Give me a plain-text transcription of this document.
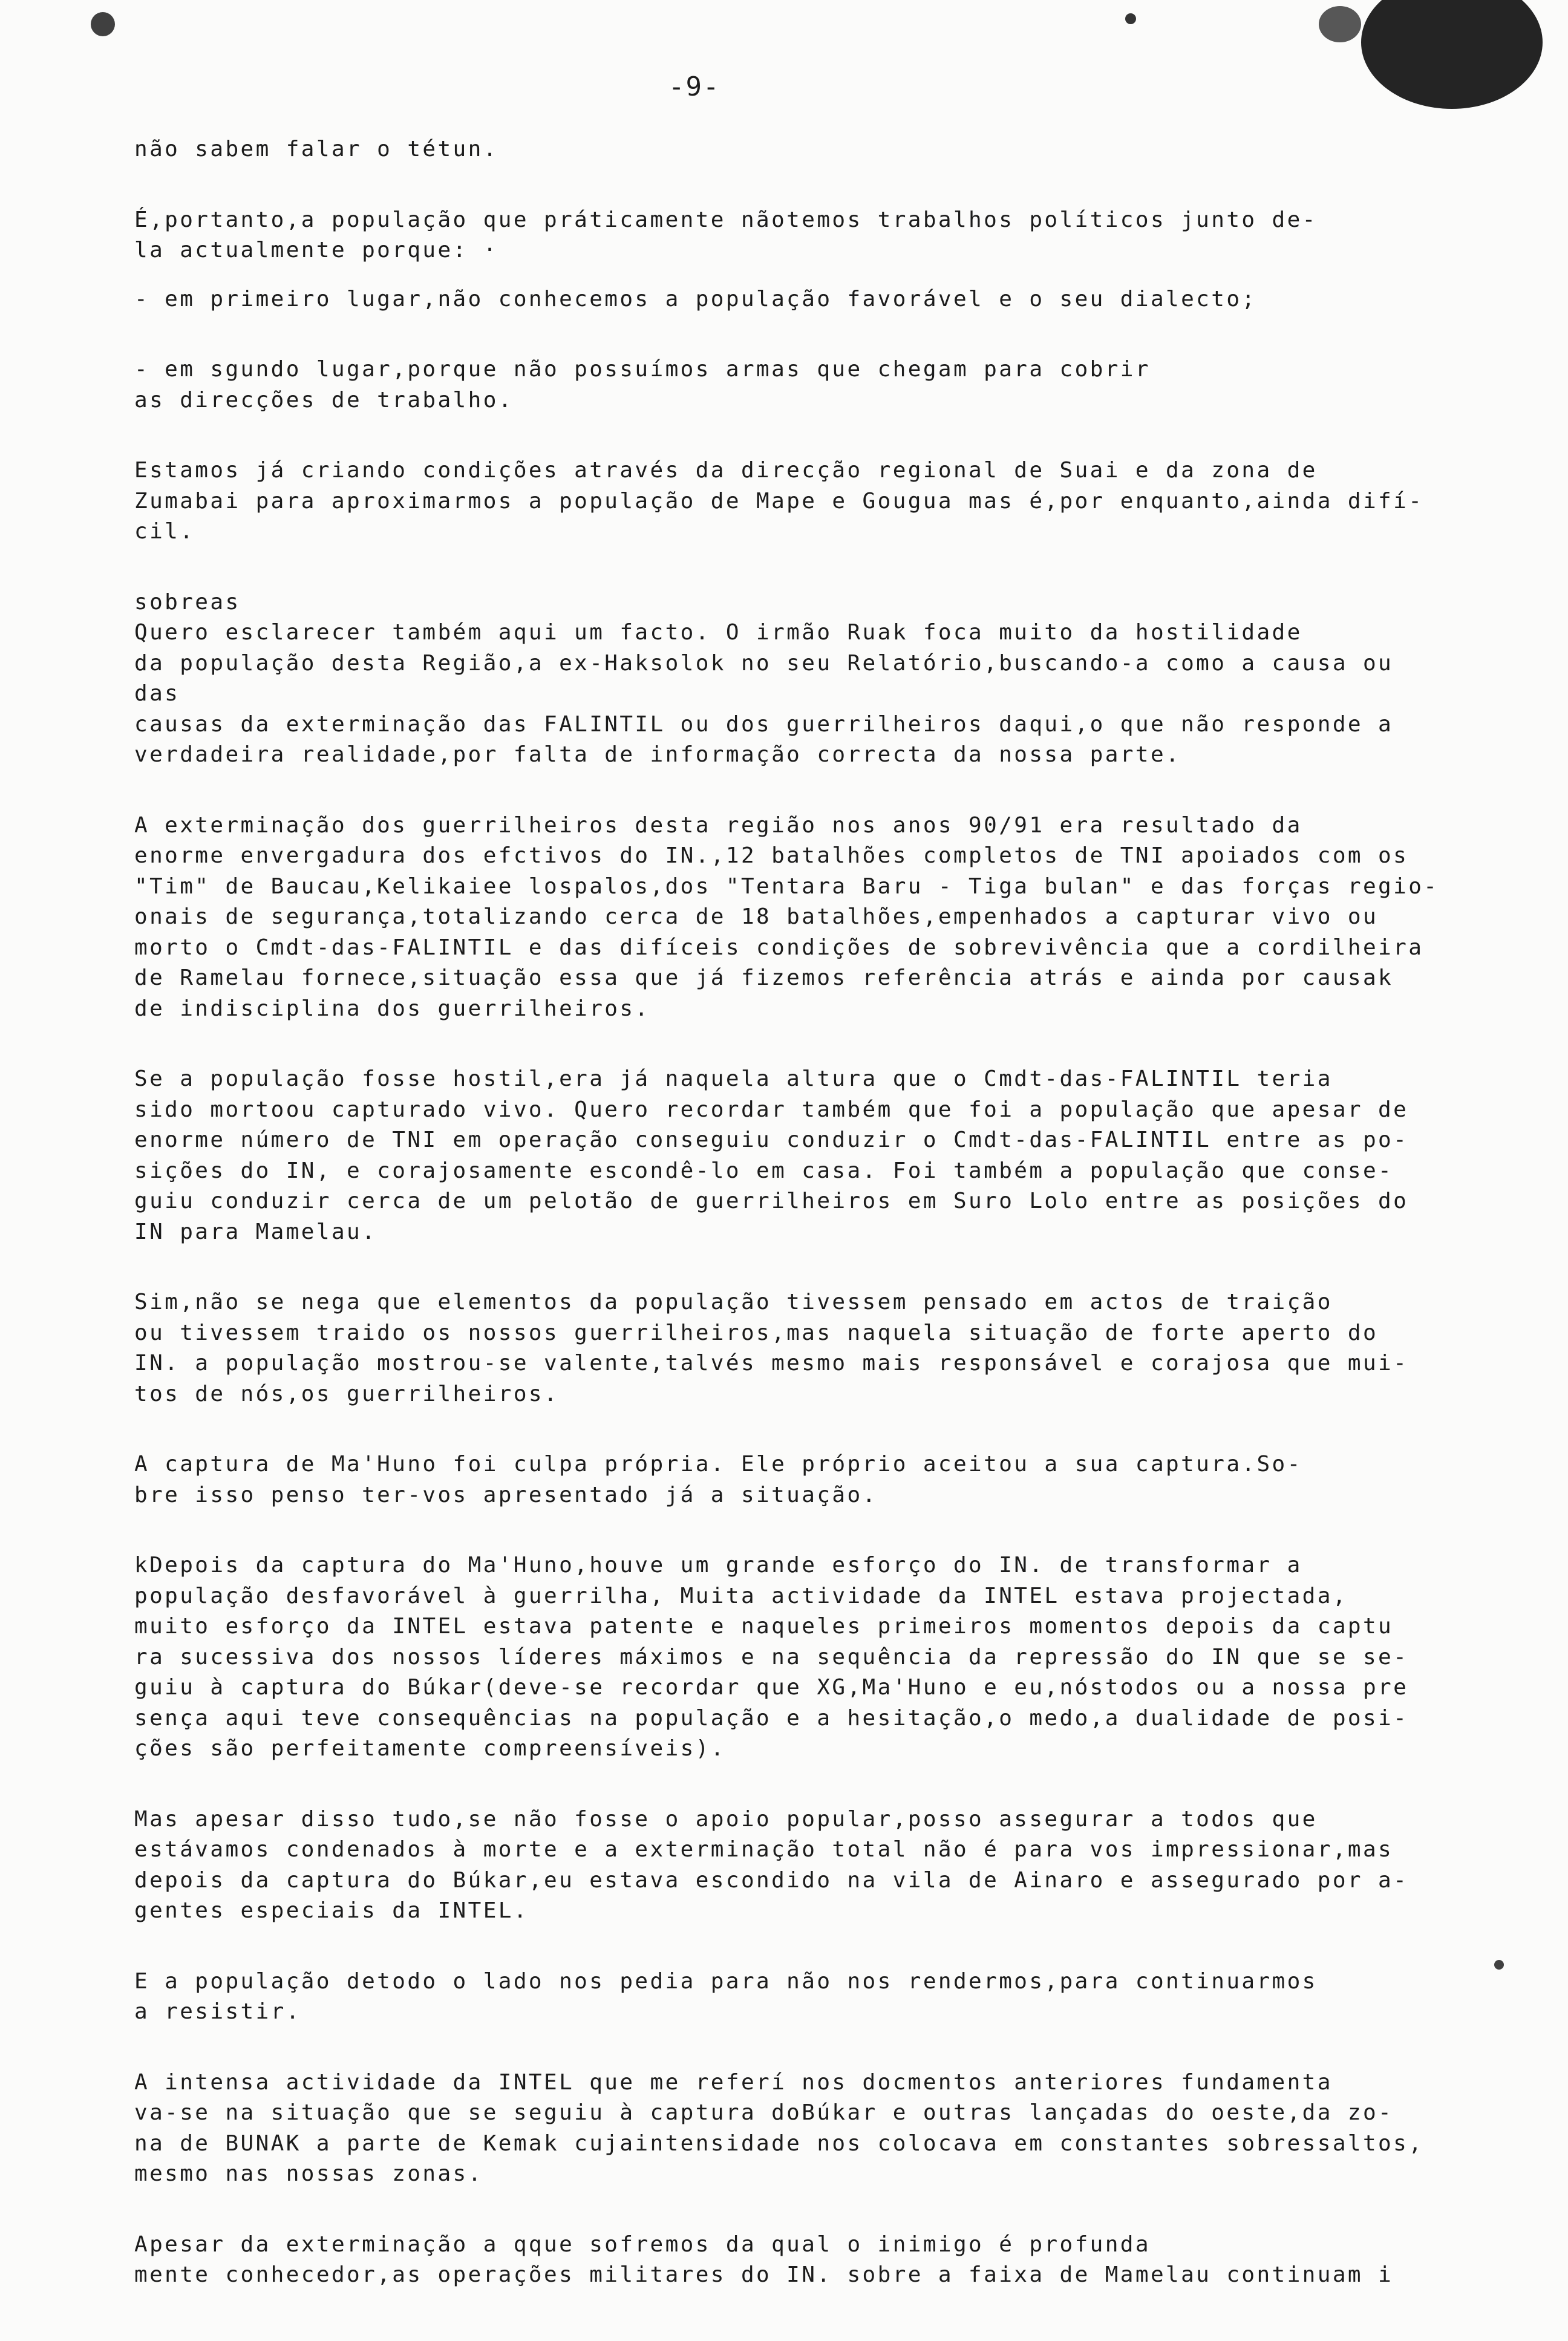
-9-

não sabem falar o tétun.

É,portanto,a população que práticamente nãotemos trabalhos políticos junto de-
la actualmente porque: ·

- em primeiro lugar,não conhecemos a população favorável e o seu dialecto;

- em sgundo lugar,porque não possuímos armas que chegam para cobrir
as direcções de trabalho.

Estamos já criando condições através da direcção regional de Suai e da zona de
Zumabai para aproximarmos a população de Mape e Gougua mas é,por enquanto,ainda difí-
cil.

sobreas
Quero esclarecer também aqui um facto. O irmão Ruak foca muito da hostilidade
da população desta Região,a ex-Haksolok no seu Relatório,buscando-a como a causa ou das
causas da exterminação das FALINTIL ou dos guerrilheiros daqui,o que não responde a
verdadeira realidade,por falta de informação correcta da nossa parte.

A exterminação dos guerrilheiros desta região nos anos 90/91 era resultado da
enorme envergadura dos efctivos do IN.,12 batalhões completos de TNI apoiados com os
"Tim" de Baucau,Kelikaiee lospalos,dos "Tentara Baru - Tiga bulan" e das forças regio-
onais de segurança,totalizando cerca de 18 batalhões,empenhados a capturar vivo ou
morto o Cmdt-das-FALINTIL e das difíceis condições de sobrevivência que a cordilheira
de Ramelau fornece,situação essa que já fizemos referência atrás e ainda por causak
de indisciplina dos guerrilheiros.

Se a população fosse hostil,era já naquela altura que o Cmdt-das-FALINTIL teria
sido mortoou capturado vivo. Quero recordar também que foi a população que apesar de
enorme número de TNI em operação conseguiu conduzir o Cmdt-das-FALINTIL entre as po-
sições do IN, e corajosamente escondê-lo em casa. Foi também a população que conse-
guiu conduzir cerca de um pelotão de guerrilheiros em Suro Lolo entre as posições do
IN para Mamelau.

Sim,não se nega que elementos da população tivessem pensado em actos de traição
ou tivessem traido os nossos guerrilheiros,mas naquela situação de forte aperto do
IN. a população mostrou-se valente,talvés mesmo mais responsável e corajosa que mui-
tos de nós,os guerrilheiros.

A captura de Ma'Huno foi culpa própria. Ele próprio aceitou a sua captura.So-
bre isso penso ter-vos apresentado já a situação.

kDepois da captura do Ma'Huno,houve um grande esforço do IN. de transformar a
população desfavorável à guerrilha, Muita actividade da INTEL estava projectada,
muito esforço da INTEL estava patente e naqueles primeiros momentos depois da captu
ra sucessiva dos nossos líderes máximos e na sequência da repressão do IN que se se-
guiu à captura do Búkar(deve-se recordar que XG,Ma'Huno e eu,nóstodos ou a nossa pre
sença aqui teve consequências na população e a hesitação,o medo,a dualidade de posi-
ções são perfeitamente compreensíveis).

Mas apesar disso tudo,se não fosse o apoio popular,posso assegurar a todos que
estávamos condenados à morte e a exterminação total não é para vos impressionar,mas
depois da captura do Búkar,eu estava escondido na vila de Ainaro e assegurado por a-
gentes especiais da INTEL.

E a população detodo o lado nos pedia para não nos rendermos,para continuarmos
a resistir.

A intensa actividade da INTEL que me referí nos docmentos anteriores fundamenta
va-se na situação que se seguiu à captura doBúkar e outras lançadas do oeste,da zo-
na de BUNAK a parte de Kemak cujaintensidade nos colocava em constantes sobressaltos,
mesmo nas nossas zonas.

Apesar da exterminação a qque sofremos da qual o inimigo é profunda
mente conhecedor,as operações militares do IN. sobre a faixa de Mamelau continuam i
